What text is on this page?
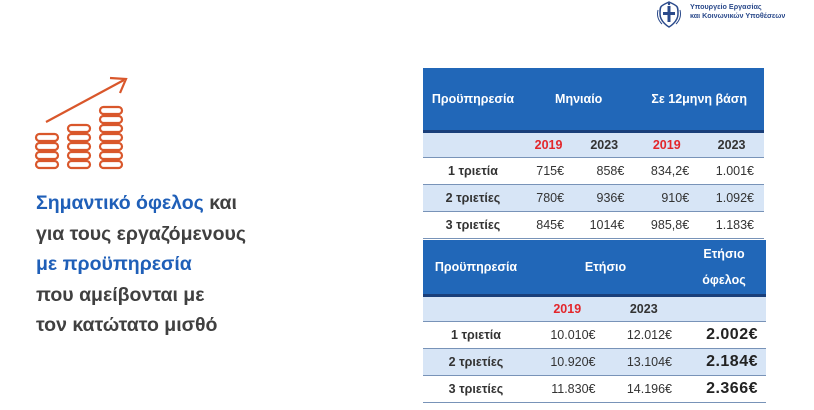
Υπουργείο Εργασίας
και Κοινωνικών Υποθέσεων
Σημαντικό όφελος και
για τους εργαζόμενους
με προϋπηρεσία
που αμείβονται με
τον κατώτατο μισθό
Προϋπηρεσία	Μηνιαίο		Σε 12μηνη βάση	
	2019	2023	2019	2023
1 τριετία	715€	858€	834,2€	1.001€
2 τριετίες	780€	936€	910€	1.092€
3 τριετίες	845€	1014€	985,8€	1.183€
Προϋπηρεσία	Ετήσιο		Ετήσιο
όφελος

	2019	2023	
1 τριετία	10.010€	12.012€	2.002€
2 τριετίες	10.920€	13.104€	2.184€
3 τριετίες	11.830€	14.196€	2.366€
